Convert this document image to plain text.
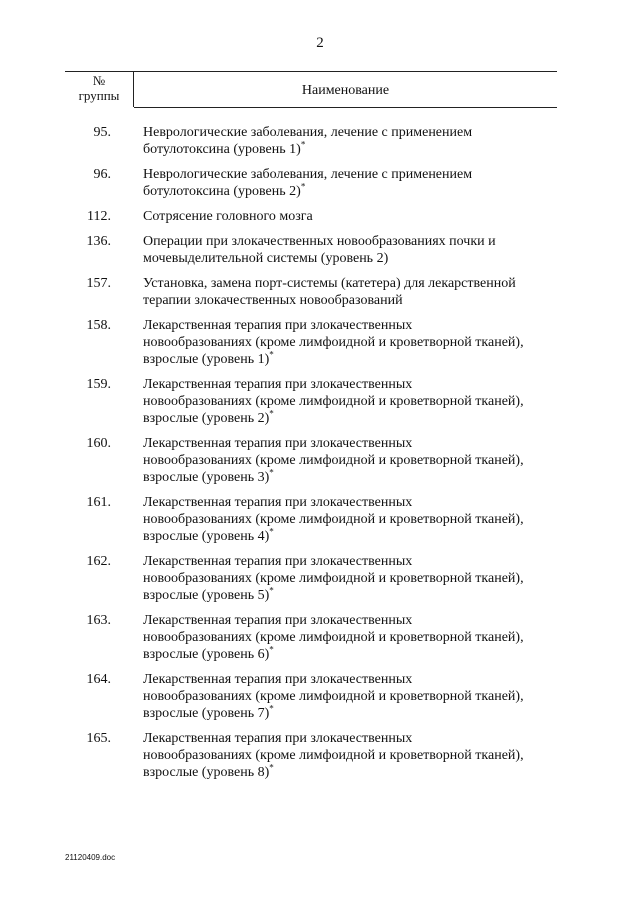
2
№
группы	Наименование
95.	Неврологические заболевания, лечение с применением
ботулотоксина (уровень 1)*
96.	Неврологические заболевания, лечение с применением
ботулотоксина (уровень 2)*
112.	Сотрясение головного мозга
136.	Операции при злокачественных новообразованиях почки и
мочевыделительной системы (уровень 2)
157.	Установка, замена порт-системы (катетера) для лекарственной
терапии злокачественных новообразований
158.	Лекарственная терапия при злокачественных
новообразованиях (кроме лимфоидной и кроветворной тканей),
взрослые (уровень 1)*
159.	Лекарственная терапия при злокачественных
новообразованиях (кроме лимфоидной и кроветворной тканей),
взрослые (уровень 2)*
160.	Лекарственная терапия при злокачественных
новообразованиях (кроме лимфоидной и кроветворной тканей),
взрослые (уровень 3)*
161.	Лекарственная терапия при злокачественных
новообразованиях (кроме лимфоидной и кроветворной тканей),
взрослые (уровень 4)*
162.	Лекарственная терапия при злокачественных
новообразованиях (кроме лимфоидной и кроветворной тканей),
взрослые (уровень 5)*
163.	Лекарственная терапия при злокачественных
новообразованиях (кроме лимфоидной и кроветворной тканей),
взрослые (уровень 6)*
164.	Лекарственная терапия при злокачественных
новообразованиях (кроме лимфоидной и кроветворной тканей),
взрослые (уровень 7)*
165.	Лекарственная терапия при злокачественных
новообразованиях (кроме лимфоидной и кроветворной тканей),
взрослые (уровень 8)*
21120409.doc
